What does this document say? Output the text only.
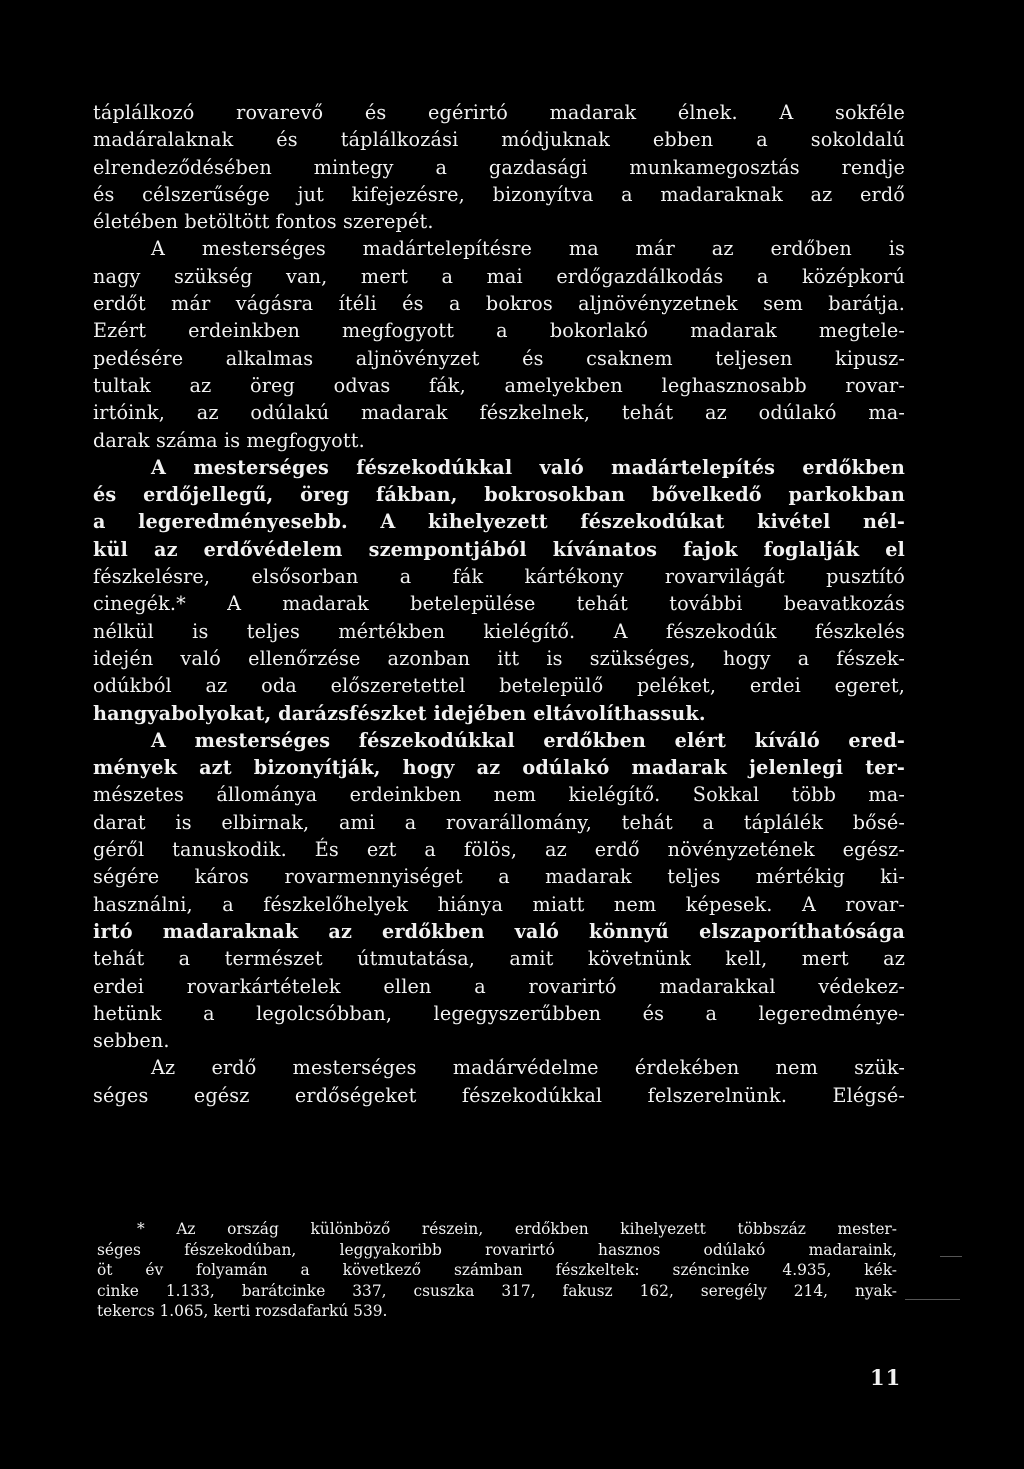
táplálkozó rovarevő és egérirtó madarak élnek. A sokféle
madáralaknak és táplálkozási módjuknak ebben a sokoldalú
elrendeződésében mintegy a gazdasági munkamegosztás rendje
és célszerűsége jut kifejezésre, bizonyítva a madaraknak az erdő
életében betöltött fontos szerepét.
A mesterséges madártelepítésre ma már az erdőben is
nagy szükség van, mert a mai erdőgazdálkodás a középkorú
erdőt már vágásra ítéli és a bokros aljnövényzetnek sem barátja.
Ezért erdeinkben megfogyott a bokorlakó madarak megtele-
pedésére alkalmas aljnövényzet és csaknem teljesen kipusz-
tultak az öreg odvas fák, amelyekben leghasznosabb rovar-
irtóink, az odúlakú madarak fészkelnek, tehát az odúlakó ma-
darak száma is megfogyott.
A mesterséges fészekodúkkal való madártelepítés erdőkben
és erdőjellegű, öreg fákban, bokrosokban bővelkedő parkokban
a legeredményesebb. A kihelyezett fészekodúkat kivétel nél-
kül az erdővédelem szempontjából kívánatos fajok foglalják el
fészkelésre, elsősorban a fák kártékony rovarvilágát pusztító
cinegék.* A madarak betelepülése tehát további beavatkozás
nélkül is teljes mértékben kielégítő. A fészekodúk fészkelés
idején való ellenőrzése azonban itt is szükséges, hogy a fészek-
odúkból az oda előszeretettel betelepülő peléket, erdei egeret,
hangyabolyokat, darázsfészket idejében eltávolíthassuk.
A mesterséges fészekodúkkal erdőkben elért kíváló ered-
mények azt bizonyítják, hogy az odúlakó madarak jelenlegi ter-
mészetes állománya erdeinkben nem kielégítő. Sokkal több ma-
darat is elbirnak, ami a rovarállomány, tehát a táplálék bősé-
géről tanuskodik. És ezt a fölös, az erdő növényzetének egész-
ségére káros rovarmennyiséget a madarak teljes mértékig ki-
használni, a fészkelőhelyek hiánya miatt nem képesek. A rovar-
irtó madaraknak az erdőkben való könnyű elszaporíthatósága
tehát a természet útmutatása, amit követnünk kell, mert az
erdei rovarkártételek ellen a rovarirtó madarakkal védekez-
hetünk a legolcsóbban, legegyszerűbben és a legeredménye-
sebben.
Az erdő mesterséges madárvédelme érdekében nem szük-
séges egész erdőségeket fészekodúkkal felszerelnünk. Elégsé-
* Az ország különböző részein, erdőkben kihelyezett többszáz mester-
séges fészekodúban, leggyakoribb rovarirtó hasznos odúlakó madaraink,
öt év folyamán a következő számban fészkeltek: széncinke 4.935, kék-
cinke 1.133, barátcinke 337, csuszka 317, fakusz 162, seregély 214, nyak-
tekercs 1.065, kerti rozsdafarkú 539.
11
